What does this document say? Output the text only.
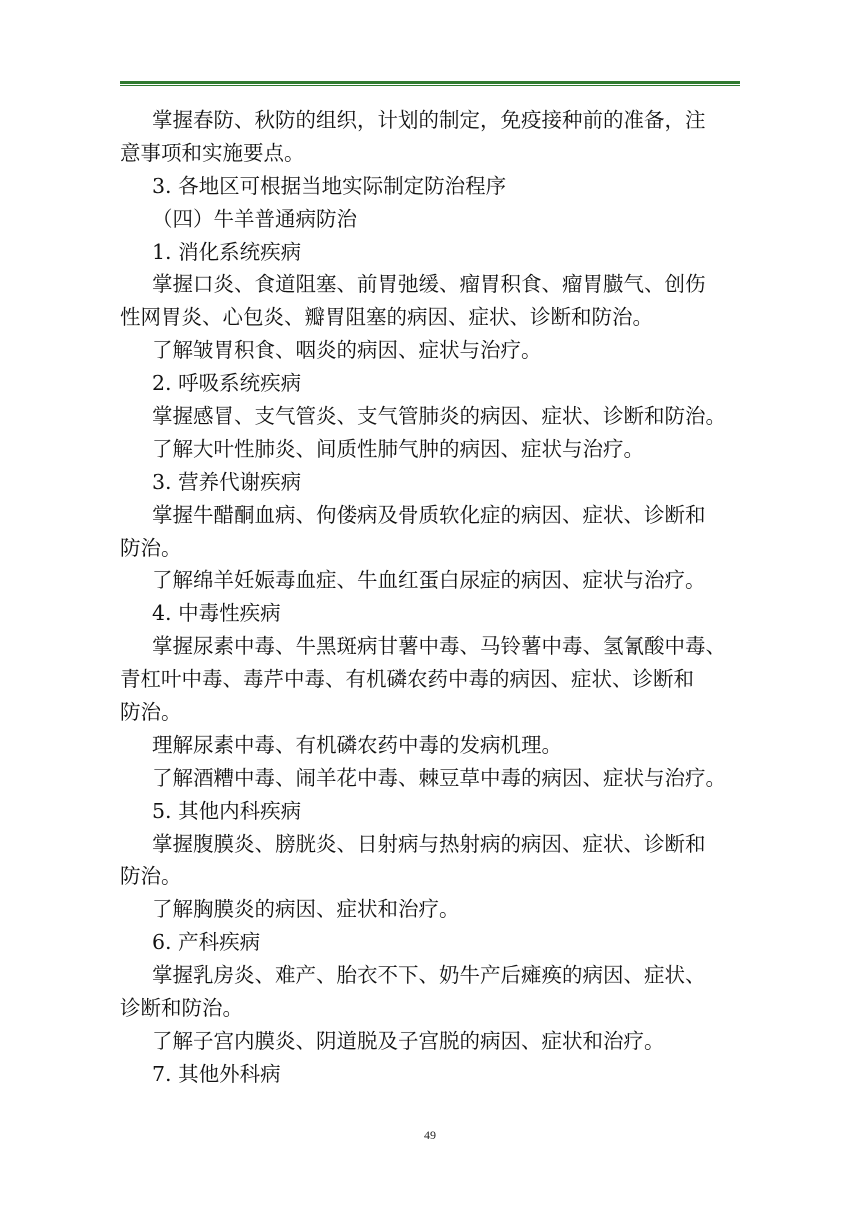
掌握春防、秋防的组织，计划的制定，免疫接种前的准备，注
意事项和实施要点。
3. 各地区可根据当地实际制定防治程序
（四）牛羊普通病防治
1. 消化系统疾病
掌握口炎、食道阻塞、前胃弛缓、瘤胃积食、瘤胃臌气、创伤
性网胃炎、心包炎、瓣胃阻塞的病因、症状、诊断和防治。
了解皱胃积食、咽炎的病因、症状与治疗。
2. 呼吸系统疾病
掌握感冒、支气管炎、支气管肺炎的病因、症状、诊断和防治。
了解大叶性肺炎、间质性肺气肿的病因、症状与治疗。
3. 营养代谢疾病
掌握牛醋酮血病、佝偻病及骨质软化症的病因、症状、诊断和
防治。
了解绵羊妊娠毒血症、牛血红蛋白尿症的病因、症状与治疗。
4. 中毒性疾病
掌握尿素中毒、牛黑斑病甘薯中毒、马铃薯中毒、氢氰酸中毒、
青杠叶中毒、毒芹中毒、有机磷农药中毒的病因、症状、诊断和
防治。
理解尿素中毒、有机磷农药中毒的发病机理。
了解酒糟中毒、闹羊花中毒、棘豆草中毒的病因、症状与治疗。
5. 其他内科疾病
掌握腹膜炎、膀胱炎、日射病与热射病的病因、症状、诊断和
防治。
了解胸膜炎的病因、症状和治疗。
6. 产科疾病
掌握乳房炎、难产、胎衣不下、奶牛产后瘫痪的病因、症状、
诊断和防治。
了解子宫内膜炎、阴道脱及子宫脱的病因、症状和治疗。
7. 其他外科病
49
